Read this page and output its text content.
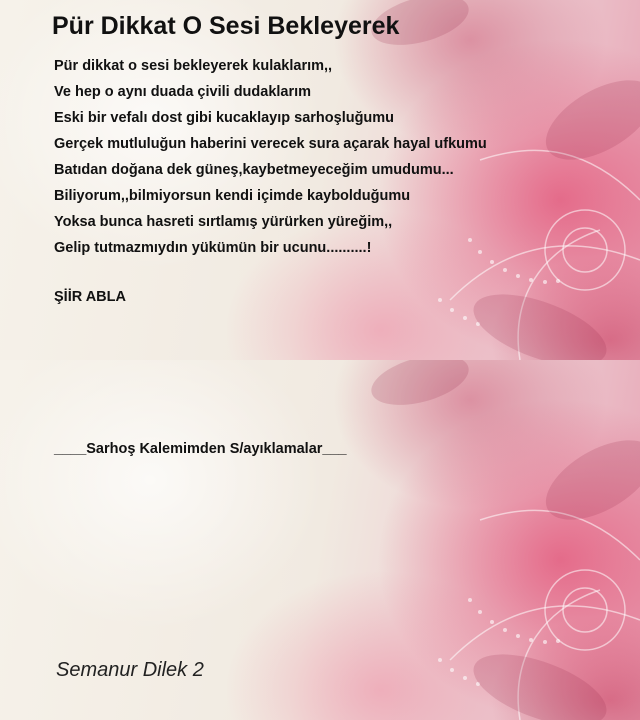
Pür Dikkat O Sesi Bekleyerek
Pür dikkat o sesi bekleyerek kulaklarım,,
Ve hep o aynı duada çivili dudaklarım
Eski bir vefalı dost gibi kucaklayıp sarhoşluğumu
Gerçek mutluluğun haberini verecek sura açarak hayal ufkumu
Batıdan doğana dek güneş,kaybetmeyeceğim umudumu...
Biliyorum,,bilmiyorsun kendi içimde kaybolduğumu
Yoksa bunca hasreti sırtlamış yürürken yüreğim,,
Gelip tutmazmıydın yükümün bir ucunu..........!
ŞİİR ABLA
____Sarhoş Kalemimden S/ayıklamalar___
Semanur Dilek 2
